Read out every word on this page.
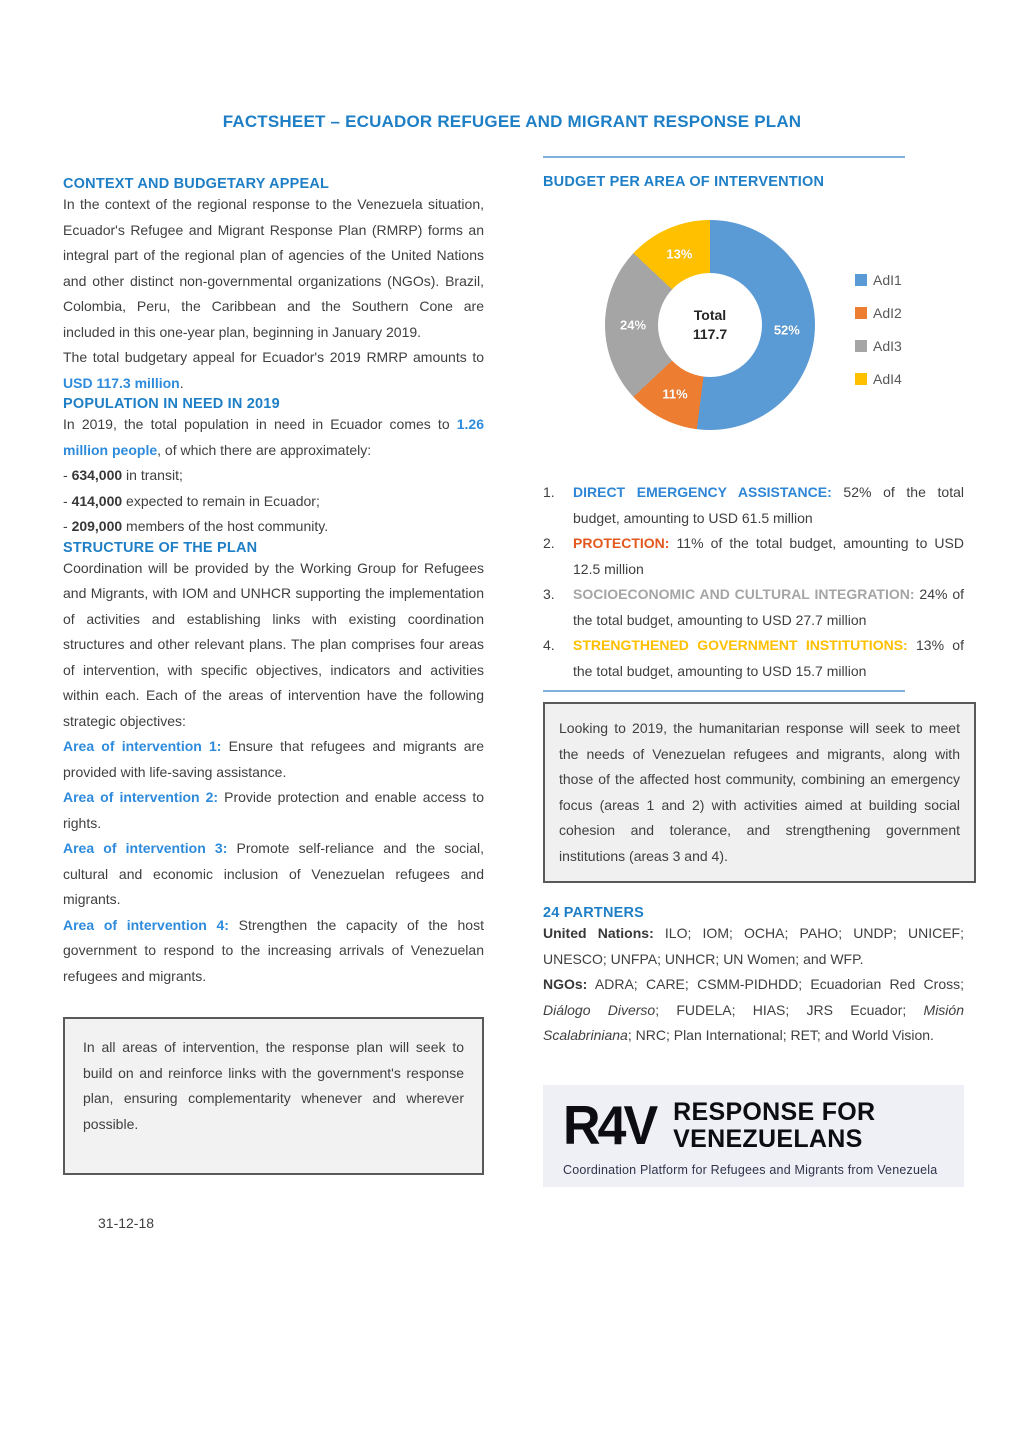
FACTSHEET – ECUADOR REFUGEE AND MIGRANT RESPONSE PLAN
CONTEXT AND BUDGETARY APPEAL

In the context of the regional response to the Venezuela situation, Ecuador's Refugee and Migrant Response Plan (RMRP) forms an integral part of the regional plan of agencies of the United Nations and other distinct non-governmental organizations (NGOs). Brazil, Colombia, Peru, the Caribbean and the Southern Cone are included in this one-year plan, beginning in January 2019.

The total budgetary appeal for Ecuador's 2019 RMRP amounts to USD 117.3 million.

POPULATION IN NEED IN 2019

In 2019, the total population in need in Ecuador comes to 1.26 million people, of which there are approximately:

- 634,000 in transit;

- 414,000 expected to remain in Ecuador;

- 209,000 members of the host community.

STRUCTURE OF THE PLAN

Coordination will be provided by the Working Group for Refugees and Migrants, with IOM and UNHCR supporting the implementation of activities and establishing links with existing coordination structures and other relevant plans. The plan comprises four areas of intervention, with specific objectives, indicators and activities within each. Each of the areas of intervention have the following strategic objectives:

Area of intervention 1: Ensure that refugees and migrants are provided with life-saving assistance.

Area of intervention 2: Provide protection and enable access to rights.

Area of intervention 3: Promote self-reliance and the social, cultural and economic inclusion of Venezuelan refugees and migrants.

Area of intervention 4: Strengthen the capacity of the host government to respond to the increasing arrivals of Venezuelan refugees and migrants.

In all areas of intervention, the response plan will seek to build on and reinforce links with the government's response plan, ensuring complementarity whenever and wherever possible.

31-12-18

BUDGET PER AREA OF INTERVENTION
Total
117.7	52%
11%
24%
13%
AdI1
AdI2
AdI3
AdI4
1.	DIRECT EMERGENCY ASSISTANCE: 52% of the total budget, amounting to USD 61.5 million

2.	PROTECTION: 11% of the total budget, amounting to USD 12.5 million

3.	SOCIOECONOMIC AND CULTURAL INTEGRATION: 24% of the total budget, amounting to USD 27.7 million

4.	STRENGTHENED GOVERNMENT INSTITUTIONS: 13% of the total budget, amounting to USD 15.7 million

Looking to 2019, the humanitarian response will seek to meet the needs of Venezuelan refugees and migrants, along with those of the affected host community, combining an emergency focus (areas 1 and 2) with activities aimed at building social cohesion and tolerance, and strengthening government institutions (areas 3 and 4).

24 PARTNERS

United Nations: ILO; IOM; OCHA; PAHO; UNDP; UNICEF; UNESCO; UNFPA; UNHCR; UN Women; and WFP.

NGOs: ADRA; CARE; CSMM-PIDHDD; Ecuadorian Red Cross; Diálogo Diverso; FUDELA; HIAS; JRS Ecuador; Misión Scalabriniana; NRC; Plan International; RET; and World Vision.

R4V RESPONSE FOR
VENEZUELANS
Coordination Platform for Refugees and Migrants from Venezuela
